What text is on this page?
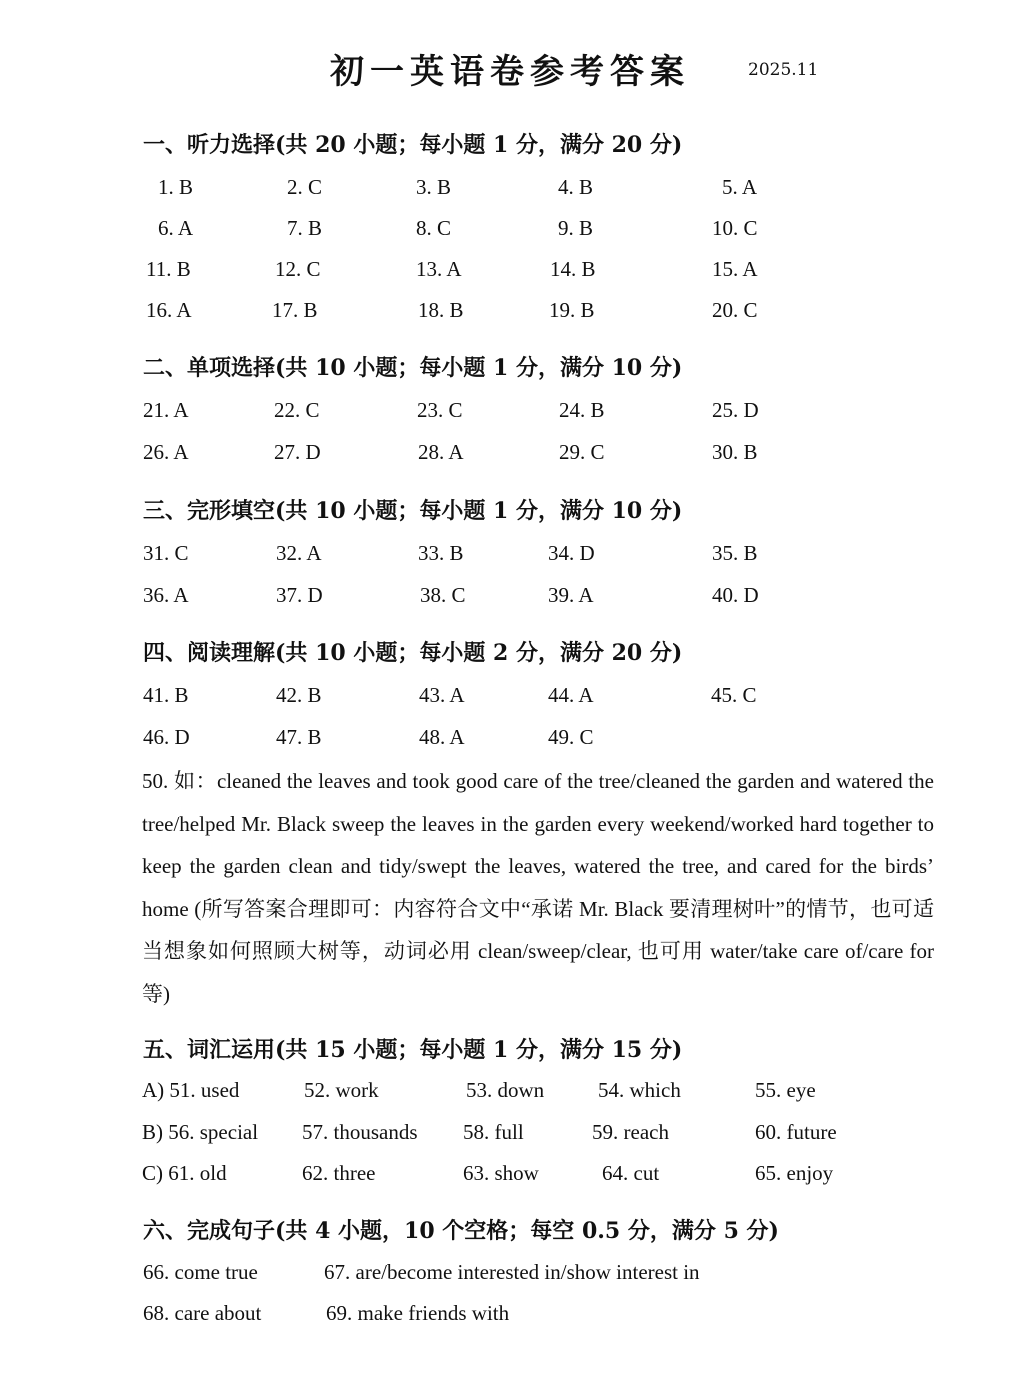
初一英语卷参考答案	2025.11
一、听力选择(共 20 小题；每小题 1 分，满分 20 分)
1. B	2. C	3. B	4. B	5. A
6. A	7. B	8. C	9. B	10. C
11. B	12. C	13. A	14. B	15. A
16. A	17. B	18. B	19. B	20. C
二、单项选择(共 10 小题；每小题 1 分，满分 10 分)
21. A	22. C	23. C	24. B	25. D
26. A	27. D	28. A	29. C	30. B
三、完形填空(共 10 小题；每小题 1 分，满分 10 分)
31. C	32. A	33. B	34. D	35. B
36. A	37. D	38. C	39. A	40. D
四、阅读理解(共 10 小题；每小题 2 分，满分 20 分)
41. B	42. B	43. A	44. A	45. C
46. D	47. B	48. A	49. C
50. 如：cleaned the leaves and took good care of the tree/cleaned the garden and watered the tree/helped Mr. Black sweep the leaves in the garden every weekend/worked hard together to keep the garden clean and tidy/swept the leaves, watered the tree, and cared for the birds’ home (所写答案合理即可：内容符合文中“承诺 Mr. Black 要清理树叶”的情节，也可适当想象如何照顾大树等，动词必用 clean/sweep/clear, 也可用 water/take care of/care for 等)
五、词汇运用(共 15 小题；每小题 1 分，满分 15 分)
A) 51. used	52. work	53. down	54. which	55. eye
B) 56. special 57. thousands 58. full	59. reach	60. future
C) 61. old	62. three	63. show	64. cut	65. enjoy
六、完成句子(共 4 小题，10 个空格；每空 0.5 分，满分 5 分)
66. come true	67. are/become interested in/show interest in
68. care about	69. make friends with
